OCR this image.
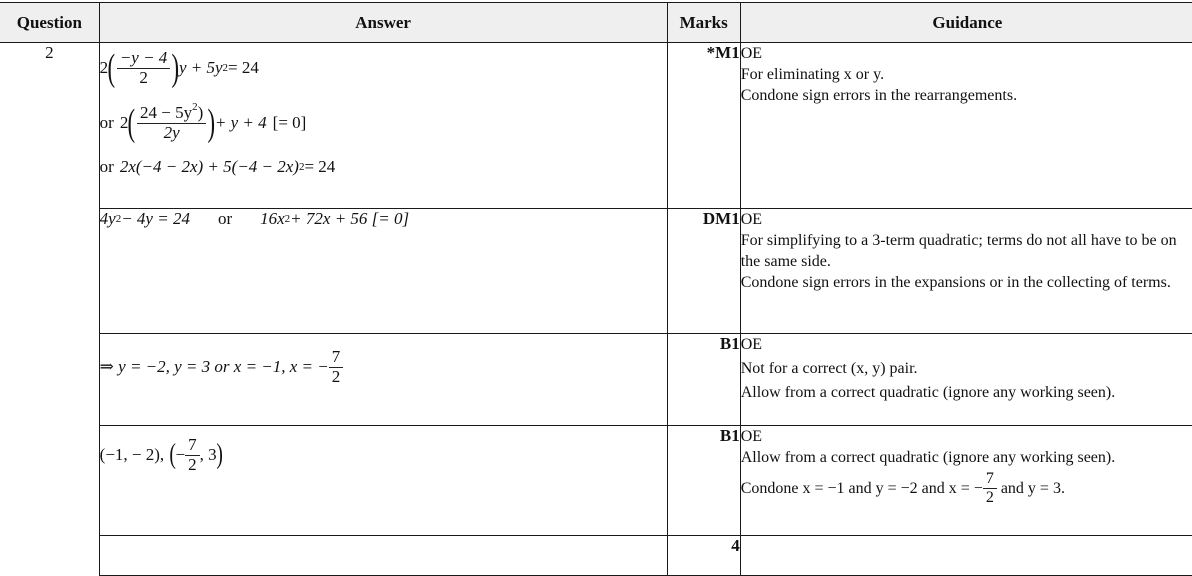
Question	Answer	Marks	Guidance
2	
2 ( $\frac{-y - 4}{2}$ ) y + 5y 2 = 24
or 2 ( $\frac{24 - 5y^2)}{2y}$ ) + y + 4 [= 0]
or 2x(−4 − 2x) + 5(−4 − 2x) 2 = 24
	*M1	OE
For eliminating x or y.
Condone sign errors in the rearrangements.

4y 2 − 4y = 24 or 16x 2 + 72x + 56 [= 0]	DM1	OE
For simplifying to a 3-term quadratic; terms do not all have to be on the same side.
Condone sign errors in the expansions or in the collecting of terms.

⇒ y = −2, y = 3 or x = −1, x = − $\frac{7}{2}$
	B1	OE
Not for a correct (x, y) pair.
Allow from a correct quadratic (ignore any working seen).

(−1, − 2), ( − $\frac{7}{2}$ , 3 )
	B1	OE
Allow from a correct quadratic (ignore any working seen).
Condone x = −1 and y = −2 and x = − $\frac{7}{2}$ and y = 3.

		4	
